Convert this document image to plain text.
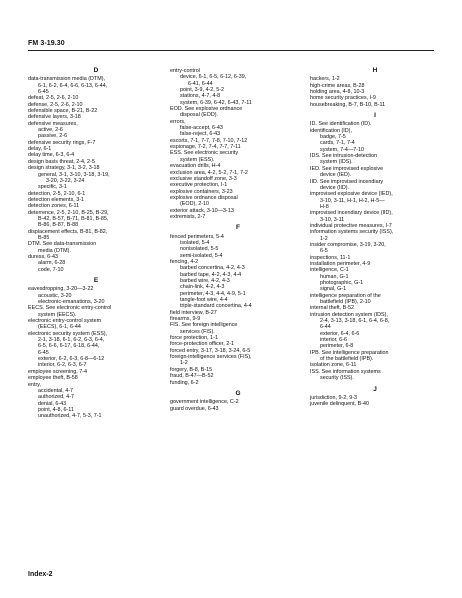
FM 3-19.30
D
data-transmission media (DTM),
6-1, 6-2, 6-4, 6-6, 6-13, 6-44,
6-45
defeat, 2-5, 2-6, 2-10
defense, 2-5, 2-6, 2-10
defensible space, B-21, B-22
defensive layers, 3-18
defensive measures,
active, 2-6
passive, 2-6
defensive security rings, F-7
delay, 6-1
delay time, 6-3, 6-4
design basis threat, 2-4, 2-5
design strategy, 3-1, 3-2, 3-18
general, 3-1, 3-10, 3-18, 3-19,
3-20, 3-22, 3-24
specific, 3-1
detection, 2-5, 2-10, 6-1
detection elements, 3-1
detection zones, 6-11
deterrence, 2-5, 2-10, B-25, B-29,
B-42, B-57, B-71, B-81, B-85,
B-86, B-87, B-88
displacement effects, B-81, B-82,
B-85
DTM. See data-transmission
media (DTM).
duress, 6-43
alarm, 6-28
code, 7-10
E
eavesdropping, 3-20—3-22
acoustic, 3-20
electronic-emanations, 3-20
EECS. See electronic entry-control
system (EECS).
electronic entry-control system
(EECS), 6-1, 6-44
electronic security system (ESS),
2-1, 3-18, 6-1, 6-2, 6-3, 6-4,
6-5, 6-6, 6-17, 6-18, 6-44,
6-45
exterior, 6-2, 6-3, 6-8—6-12
interior, 6-2, 6-3, 6-7
employee screening, 7-4
employee theft, B-58
entry,
accidental, 4-7
authorized, 4-7
denial, 6-43
point, 4-8, 6-11
unauthorized, 4-7, 5-3, 7-1
entry-control
device, 6-1, 6-5, 6-12, 6-39,
6-41, 6-44
point, 3-9, 4-2, 5-2
stations, 4-7, 4-8
system, 6-39, 6-42, 6-43, 7-11
EOD. See explosive ordnance
disposal (EOD).
errors,
false-accept, 6-43
false-reject, 6-43
escorts, 7-1, 7-7, 7-8, 7-10, 7-12
espionage, 7-2, 7-4, 7-7, 7-11
ESS. See electronic security
system (ESS).
evacuation drills, H-4
exclusion area, 4-2, 5-2, 7-1, 7-2
exclusive standoff zone, 3-3
executive protection, I-1
explosive containers, 3-23
explosive ordnance disposal
(EOD), 2-10
exterior attack, 3-10—3-13
extremists, 2-7
F
fenced perimeters, 5-4
isolated, 5-4
nonisolated, 5-5
semi-isolated, 5-4
fencing, 4-2
barbed concertina, 4-2, 4-3
barbed tape, 4-2, 4-3, 4-4
barbed wire, 4-2, 4-3
chain-link, 4-2, 4-3
perimeter, 4-3, 4-4, 4-9, 5-1
tangle-foot wire, 4-4
triple-standard concertina, 4-4
field interview, B-27
firearms, 9-9
FIS. See foreign intelligence
services (FIS).
force protection, 1-1
force-protection officer, 2-1
forced entry, 3-17, 3-18, 3-24, 6-5
foreign-intelligence services (FIS),
1-2
forgery, B-8, B-15
fraud, B-47—B-52
funding, 6-2
G
government intelligence, C-2
guard overdue, 6-43
H
hackers, 1-2
high-crime areas, B-28
holding area, 4-8, 10-3
home security practices, I-9
housebreaking, B-7, B-10, B-11
I
ID. See identification (ID).
identification (ID),
badge, 7-5
cards, 7-1, 7-4
system, 7-4—7-10
IDS. See intrusion-detection
system (IDS).
IED. See improvised explosive
device (IED).
IID. See improvised incendiary
device (IID).
improvised explosive device (IED),
3-10, 3-11, H-1, H-2, H-5—
H-8
improvised incendiary device (IID),
3-10, 3-11
individual protective measures, I-7
information systems security (ISS),
1-2
insider compromise, 3-19, 3-20,
6-5
inspections, 11-1
installation perimeter, 4-9
intelligence, C-1
human, G-1
photographic, G-1
signal, G-1
intelligence preparation of the
battlefield (IPB), 2-10
internal theft, B-52
intrusion detection system (IDS),
2-4, 3-13, 3-18, 6-1, 6-4, 6-8,
6-44
exterior, 6-4, 6-6
interior, 6-6
perimeter, 6-8
IPB. See intelligence preparation
of the battlefield (IPB).
isolation zone, 6-11
ISS. See information systems
security (ISS).
J
jurisdiction, 9-2, 9-3
juvenile delinquent, B-40
Index-2
